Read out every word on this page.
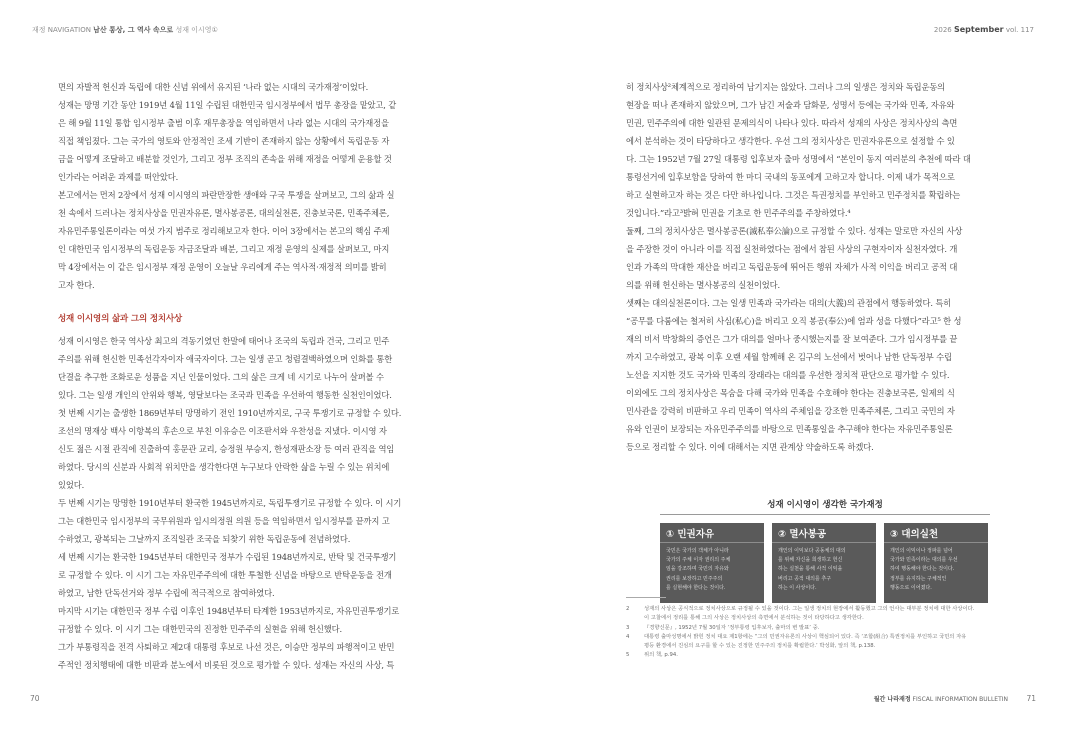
재정 NAVIGATION 남산 통상, 그 역사 속으로 성재 이시영①

면의 자발적 헌신과 독립에 대한 신념 위에서 유지된 ‘나라 없는 시대의 국가재정’이었다.

성재는 망명 기간 동안 1919년 4월 11일 수립된 대한민국 임시정부에서 법무 총장을 맡았고, 같

은 해 9월 11일 통합 임시정부 출범 이후 재무총장을 역임하면서 나라 없는 시대의 국가재정을

직접 책임졌다. 그는 국가의 영토와 안정적인 조세 기반이 존재하지 않는 상황에서 독립운동 자

금을 어떻게 조달하고 배분할 것인가, 그리고 정부 조직의 존속을 위해 재정을 어떻게 운용할 것

인가라는 어려운 과제를 떠안았다.

본고에서는 먼저 2장에서 성재 이시영의 파란만장한 생애와 구국 투쟁을 살펴보고, 그의 삶과 실

천 속에서 드러나는 정치사상을 민권자유론, 멸사봉공론, 대의실천론, 진충보국론, 민족주체론,

자유민주통일론이라는 여섯 가지 범주로 정리해보고자 한다. 이어 3장에서는 본고의 핵심 주제

인 대한민국 임시정부의 독립운동 자금조달과 배분, 그리고 재정 운영의 실제를 살펴보고, 마지

막 4장에서는 이 같은 임시정부 재정 운영이 오늘날 우리에게 주는 역사적·재정적 의미를 밝히

고자 한다.

성재 이시영의 삶과 그의 정치사상

성재 이시영은 한국 역사상 최고의 격동기였던 한말에 태어나 조국의 독립과 건국, 그리고 민주

주의를 위해 헌신한 민족선각자이자 애국자이다. 그는 일생 곧고 청렴결백하였으며 인화를 통한

단결을 추구한 조화로운 성품을 지닌 인물이었다. 그의 삶은 크게 네 시기로 나누어 살펴볼 수

있다. 그는 일생 개인의 안위와 행복, 영달보다는 조국과 민족을 우선하여 행동한 실천인이었다.

첫 번째 시기는 출생한 1869년부터 망명하기 전인 1910년까지로, 구국 투쟁기로 규정할 수 있다.

조선의 명재상 백사 이항복의 후손으로 부친 이유승은 이조판서와 우찬성을 지냈다. 이시영 자

신도 젊은 시절 관직에 진출하여 홍문관 교리, 승정원 부승지, 한성재판소장 등 여러 관직을 역임

하였다. 당시의 신분과 사회적 위치만을 생각한다면 누구보다 안락한 삶을 누릴 수 있는 위치에

있었다.

두 번째 시기는 망명한 1910년부터 환국한 1945년까지로, 독립투쟁기로 규정할 수 있다. 이 시기

그는 대한민국 임시정부의 국무위원과 임시의정원 의원 등을 역임하면서 임시정부를 끝까지 고

수하였고, 광복되는 그날까지 조직일관 조국을 되찾기 위한 독립운동에 전념하였다.

세 번째 시기는 환국한 1945년부터 대한민국 정부가 수립된 1948년까지로, 반탁 및 건국투쟁기

로 규정할 수 있다. 이 시기 그는 자유민주주의에 대한 투철한 신념을 바탕으로 반탁운동을 전개

하였고, 남한 단독선거와 정부 수립에 적극적으로 참여하였다.

마지막 시기는 대한민국 정부 수립 이후인 1948년부터 타계한 1953년까지로, 자유민권투쟁기로

규정할 수 있다. 이 시기 그는 대한민국의 진정한 민주주의 실현을 위해 헌신했다.

그가 부통령직을 전격 사퇴하고 제2대 대통령 후보로 나선 것은, 이승만 정부의 파행적이고 반민

주적인 정치행태에 대한 비판과 분노에서 비롯된 것으로 평가할 수 있다. 성재는 자신의 사상, 특

70
2026 September vol. 117
월간 나라재정 FISCAL INFORMATION BULLETIN 71

히 정치사상²체계적으로 정리하여 남기지는 않았다. 그러나 그의 일생은 정치와 독립운동의

현장을 떠나 존재하지 않았으며, 그가 남긴 저술과 담화문, 성명서 등에는 국가와 민족, 자유와

민권, 민주주의에 대한 일관된 문제의식이 나타나 있다. 따라서 성재의 사상은 정치사상의 측면

에서 분석하는 것이 타당하다고 생각한다. 우선 그의 정치사상은 민권자유론으로 설정할 수 있

다. 그는 1952년 7월 27일 대통령 입후보자 출마 성명에서 “본인이 동지 여러분의 추천에 따라 대

통령선거에 입후보함을 당하여 한 마디 국내의 동포에게 고하고자 합니다. 이제 내가 목적으로

하고 실현하고자 하는 것은 다만 하나입니다. 그것은 특권정치를 부인하고 민주정치를 확립하는

것입니다.”라고³밝혀 민권을 기초로 한 민주주의를 주창하였다.⁴

둘째, 그의 정치사상은 멸사봉공론(滅私奉公論)으로 규정할 수 있다. 성재는 말로만 자신의 사상

을 주장한 것이 아니라 이를 직접 실천하였다는 점에서 참된 사상의 구현자이자 실천자였다. 개

인과 가족의 막대한 재산을 버리고 독립운동에 뛰어든 행위 자체가 사적 이익을 버리고 공적 대

의를 위해 헌신하는 멸사봉공의 실천이었다.

셋째는 대의실천론이다. 그는 일생 민족과 국가라는 대의(大義)의 관점에서 행동하였다. 특히

“공무를 다룸에는 철저히 사심(私心)을 버리고 오직 봉공(奉公)에 엄과 성을 다했다”라고⁵ 한 성

재의 비서 박창화의 증언은 그가 대의를 얼마나 중시했는지를 잘 보여준다. 그가 임시정부를 끝

까지 고수하였고, 광복 이후 오랜 세월 함께해 온 김구의 노선에서 벗어나 남한 단독정부 수립

노선을 지지한 것도 국가와 민족의 장래라는 대의를 우선한 정치적 판단으로 평가할 수 있다.

이외에도 그의 정치사상은 목숨을 다해 국가와 민족을 수호해야 한다는 진충보국론, 일제의 식

민사관을 강력히 비판하고 우리 민족이 역사의 주체임을 강조한 민족주체론, 그리고 국민의 자

유와 인권이 보장되는 자유민주주의를 바탕으로 민족통일을 추구해야 한다는 자유민주통일론

등으로 정리할 수 있다. 이에 대해서는 지면 관계상 약술하도록 하겠다.

성재 이시영이 생각한 국가재정
① 민권자유
국민은 국가의 객체가 아니라
국가의 주체 이자 권리의 주체
임을 강조하며 국민의 자유와
권리를 보장하고 민주주의
를 실현해야 한다는 것이다.
② 멸사봉공
개인의 이익보다 공동체의 대의
를 위해 자신을 희생하고 헌신
하는 실천을 통해 사적 이익을
버리고 공적 대의를 추구
하는 이 사상이다.
③ 대의실천
개인의 이익이나 정파를 넘어
국가와 민족이라는 대의를 우선
하여 행동해야 한다는 것이다.
정부를 유지하는 구체적인
행동으로 이어졌다.
2	성재의 사상은 공식적으로 정치사상으로 규정될 수 있을 것이다. 그는 일생 정치의 현장에서 활동했고 그의 언사는 대부분 정치에 대한 사상이다.
이 고찰에서 정리를 통해 그의 사상은 정치사상의 측면에서 분석하는 것이 타당하다고 생각한다.
3	『경향신문』, 1952년 7월 30일자 ‘정부통령 입후보자, 출마의 변 발표’ 중.
4	대통령 출마성명에서 밝힌 정치 대요 제1항에는 “그의 민권자유론의 사상이 핵심되어 있다. 즉 ‘조합(組合) 특권정치를 부인하고 국민의 자유
평등 환경에서 진심의 요구를 할 수 있는 진정한 민주주의 정치를 확립한다.’ 박성화, 앞의 책, p.138.
5	위의 책, p.94.
